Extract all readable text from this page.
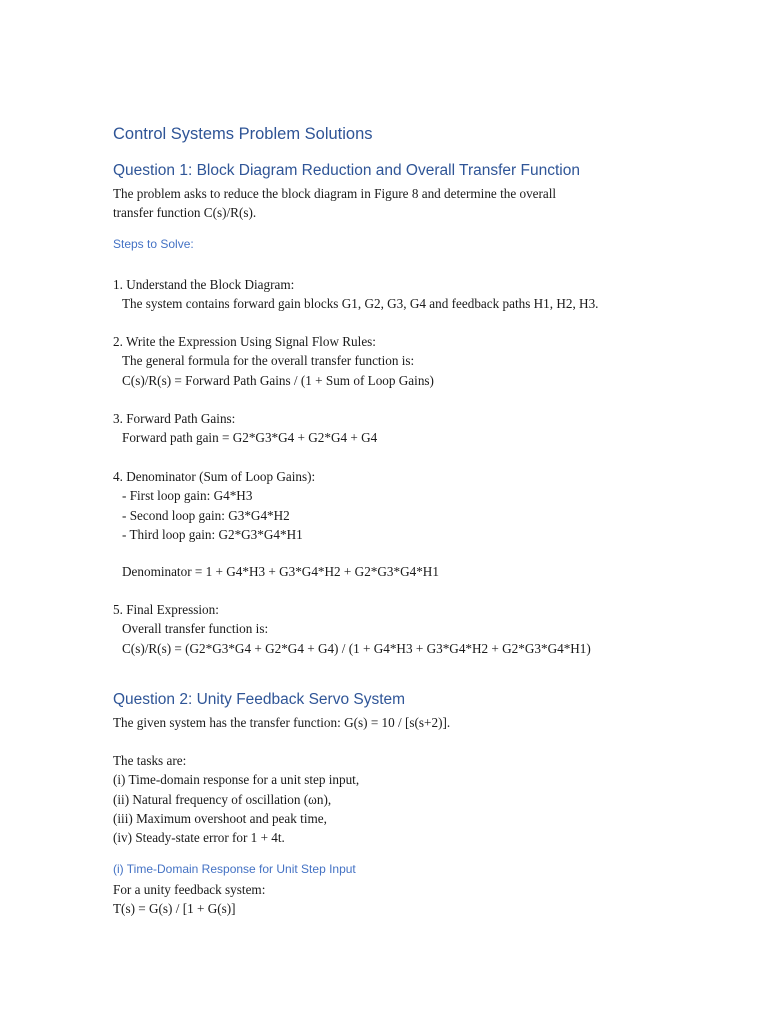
Control Systems Problem Solutions
Question 1: Block Diagram Reduction and Overall Transfer Function
The problem asks to reduce the block diagram in Figure 8 and determine the overall
transfer function C(s)/R(s).
Steps to Solve:
1. Understand the Block Diagram:
The system contains forward gain blocks G1, G2, G3, G4 and feedback paths H1, H2, H3.
2. Write the Expression Using Signal Flow Rules:
The general formula for the overall transfer function is:
C(s)/R(s) = Forward Path Gains / (1 + Sum of Loop Gains)
3. Forward Path Gains:
Forward path gain = G2*G3*G4 + G2*G4 + G4
4. Denominator (Sum of Loop Gains):
- First loop gain: G4*H3
- Second loop gain: G3*G4*H2
- Third loop gain: G2*G3*G4*H1
Denominator = 1 + G4*H3 + G3*G4*H2 + G2*G3*G4*H1
5. Final Expression:
Overall transfer function is:
C(s)/R(s) = (G2*G3*G4 + G2*G4 + G4) / (1 + G4*H3 + G3*G4*H2 + G2*G3*G4*H1)
Question 2: Unity Feedback Servo System
The given system has the transfer function: G(s) = 10 / [s(s+2)].
The tasks are:
(i) Time-domain response for a unit step input,
(ii) Natural frequency of oscillation (ωn),
(iii) Maximum overshoot and peak time,
(iv) Steady-state error for 1 + 4t.
(i) Time-Domain Response for Unit Step Input
For a unity feedback system:
T(s) = G(s) / [1 + G(s)]
